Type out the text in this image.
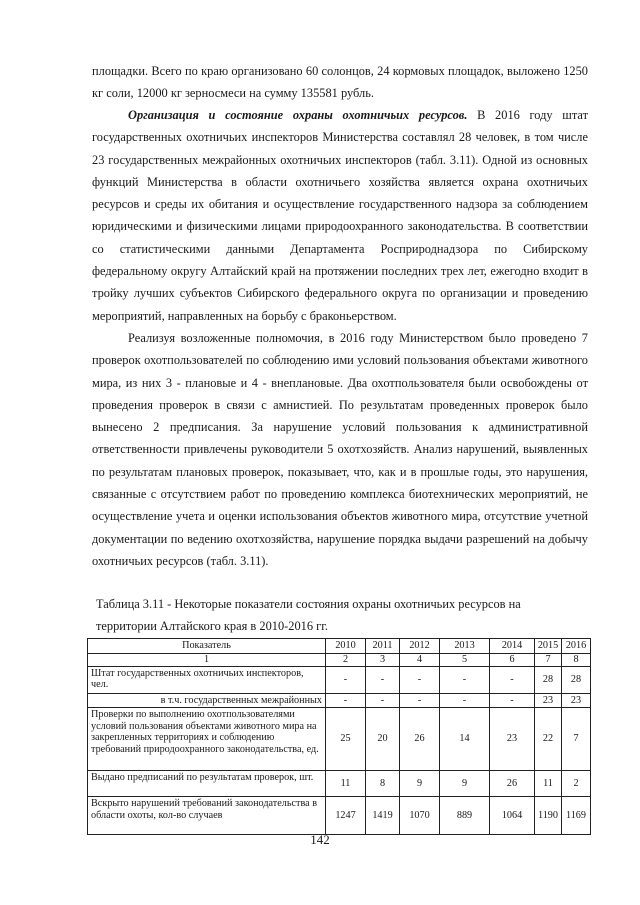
площадки. Всего по краю организовано 60 солонцов, 24 кормовых площадок, выложено 1250 кг соли, 12000 кг зерносмеси на сумму 135581 рубль.

Организация и состояние охраны охотничьих ресурсов. В 2016 году штат государственных охотничьих инспекторов Министерства составлял 28 человек, в том числе 23 государственных межрайонных охотничьих инспекторов (табл. 3.11). Одной из основных функций Министерства в области охотничьего хозяйства является охрана охотничьих ресурсов и среды их обитания и осуществление государственного надзора за соблюдением юридическими и физическими лицами природоохранного законодательства. В соответствии со статистическими данными Департамента Росприроднадзора по Сибирскому федеральному округу Алтайский край на протяжении последних трех лет, ежегодно входит в тройку лучших субъектов Сибирского федерального округа по организации и проведению мероприятий, направленных на борьбу с браконьерством.

Реализуя возложенные полномочия, в 2016 году Министерством было проведено 7 проверок охотпользователей по соблюдению ими условий пользования объектами животного мира, из них 3 - плановые и 4 - внеплановые. Два охотпользователя были освобождены от проведения проверок в связи с амнистией. По результатам проведенных проверок было вынесено 2 предписания. За нарушение условий пользования к административной ответственности привлечены руководители 5 охотхозяйств. Анализ нарушений, выявленных по результатам плановых проверок, показывает, что, как и в прошлые годы, это нарушения, связанные с отсутствием работ по проведению комплекса биотехнических мероприятий, не осуществление учета и оценки использования объектов животного мира, отсутствие учетной документации по ведению охотхозяйства, нарушение порядка выдачи разрешений на добычу охотничьих ресурсов (табл. 3.11).

Таблица 3.11 - Некоторые показатели состояния охраны охотничьих ресурсов на территории Алтайского края в 2010-2016 гг.

Показатель	2010	2011	2012	2013	2014	2015	2016
1	2	3	4	5	6	7	8
Штат государственных охотничьих инспекторов, чел.	-	-	-	-	-	28	28
в т.ч. государственных межрайонных	-	-	-	-	-	23	23
Проверки по выполнению охотпользователями условий пользования объектами животного мира на закрепленных территориях и соблюдению требований природоохранного законодательства, ед.	25	20	26	14	23	22	7
Выдано предписаний по результатам проверок, шт.	11	8	9	9	26	11	2
Вскрыто нарушений требований законодательства в области охоты, кол-во случаев	1247	1419	1070	889	1064	1190	1169
142
